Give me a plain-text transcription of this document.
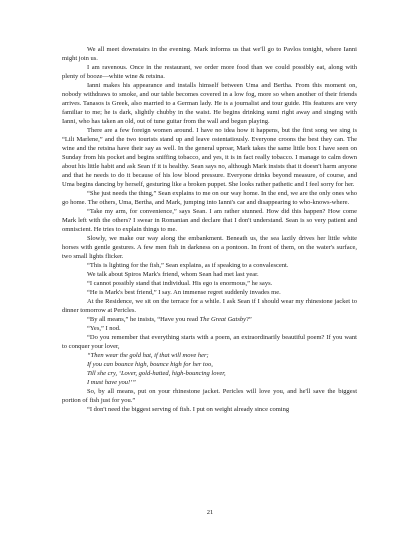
We all meet downstairs in the evening. Mark informs us that we'll go to Pavlos tonight, where Ianni might join us.

I am ravenous. Once in the restaurant, we order more food than we could possibly eat, along with plenty of booze—white wine & retsina.

Ianni makes his appearance and installs himself between Uma and Bertha. From this moment on, nobody withdraws to smoke, and our table becomes covered in a low fog, more so when another of their friends arrives. Tanasos is Greek, also married to a German lady. He is a journalist and tour guide. His features are very familiar to me; he is dark, slightly chubby in the waist. He begins drinking sumi right away and singing with Ianni, who has taken an old, out of tune guitar from the wall and begun playing.

There are a few foreign women around. I have no idea how it happens, but the first song we sing is “Lili Marlene,” and the two tourists stand up and leave ostentatiously. Everyone croons the best they can. The wine and the retsina have their say as well. In the general uproar, Mark takes the same little box I have seen on Sunday from his pocket and begins sniffing tobacco, and yes, it is in fact really tobacco. I manage to calm down about his little habit and ask Sean if it is healthy. Sean says no, although Mark insists that it doesn't harm anyone and that he needs to do it because of his low blood pressure. Everyone drinks beyond measure, of course, and Uma begins dancing by herself, gesturing like a broken puppet. She looks rather pathetic and I feel sorry for her.

“She just needs the thing,” Sean explains to me on our way home. In the end, we are the only ones who go home. The others, Uma, Bertha, and Mark, jumping into Ianni's car and disappearing to who-knows-where.

“Take my arm, for convenience,” says Sean. I am rather stunned. How did this happen? How come Mark left with the others? I swear in Romanian and declare that I don't understand. Sean is so very patient and omniscient. He tries to explain things to me.

Slowly, we make our way along the embankment. Beneath us, the sea lazily drives her little white horses with gentle gestures. A few men fish in darkness on a pontoon. In front of them, on the water's surface, two small lights flicker.

“This is lighting for the fish,” Sean explains, as if speaking to a convalescent.

We talk about Spiros Mark's friend, whom Sean had met last year.

“I cannot possibly stand that individual. His ego is enormous,” he says.

“He is Mark's best friend,” I say. An immense regret suddenly invades me.

At the Residence, we sit on the terrace for a while. I ask Sean if I should wear my rhinestone jacket to dinner tomorrow at Pericles.

“By all means,” he insists, “Have you read The Great Gatsby?”

“Yes,” I nod.

“Do you remember that everything starts with a poem, an extraordinarily beautiful poem? If you want to conquer your lover,

“Then wear the gold hat, if that will move her;

If you can bounce high, bounce high for her too,

Till she cry, ‘Lover, gold-hatted, high-bouncing lover,

I must have you!’”

So, by all means, put on your rhinestone jacket. Pericles will love you, and he'll save the biggest portion of fish just for you.”

“I don't need the biggest serving of fish. I put on weight already since coming

21
